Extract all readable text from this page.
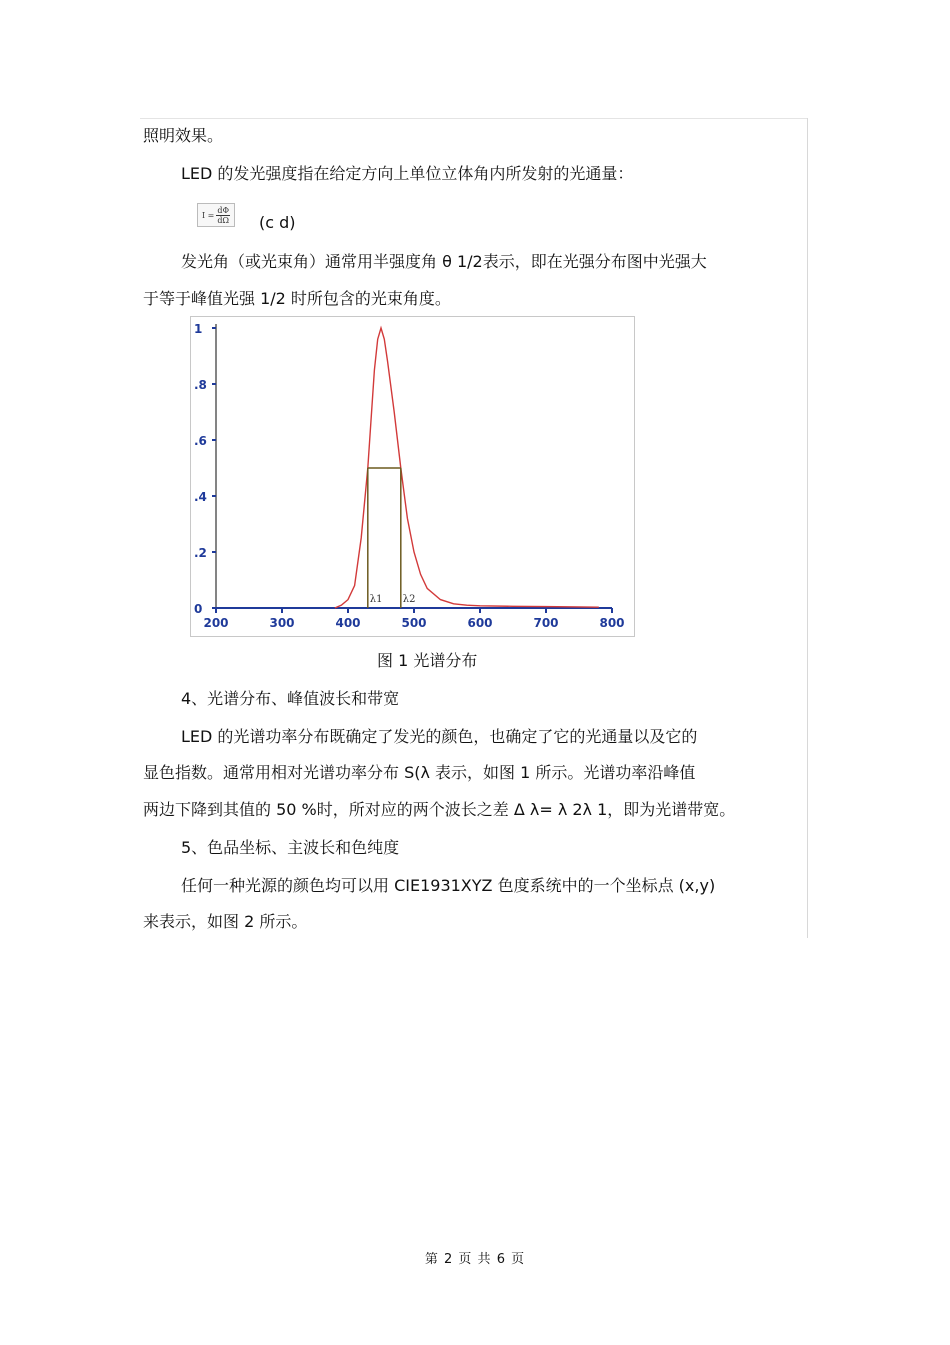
照明效果。
LED 的发光强度指在给定方向上单位立体角内所发射的光通量：
$I = \frac{d\Phi}{d\Omega} (c$ d)
发光角（或光束角）通常用半强度角 θ 1/2表示，即在光强分布图中光强大
于等于峰值光强 1/2 时所包含的光束角度。
200	300	400	500	600	700	800
1
.8
.6
.4
.2
0
λ1 λ2
图 1 光谱分布
4、光谱分布、峰值波长和带宽
LED 的光谱功率分布既确定了发光的颜色，也确定了它的光通量以及它的
显色指数。通常用相对光谱功率分布 S(λ 表示，如图 1 所示。光谱功率沿峰值
两边下降到其值的 50 %时，所对应的两个波长之差 Δ λ= λ 2λ 1，即为光谱带宽。
5、色品坐标、主波长和色纯度
任何一种光源的颜色均可以用 CIE1931XYZ 色度系统中的一个坐标点 (x,y)
来表示，如图 2 所示。
第 2 页 共 6 页
